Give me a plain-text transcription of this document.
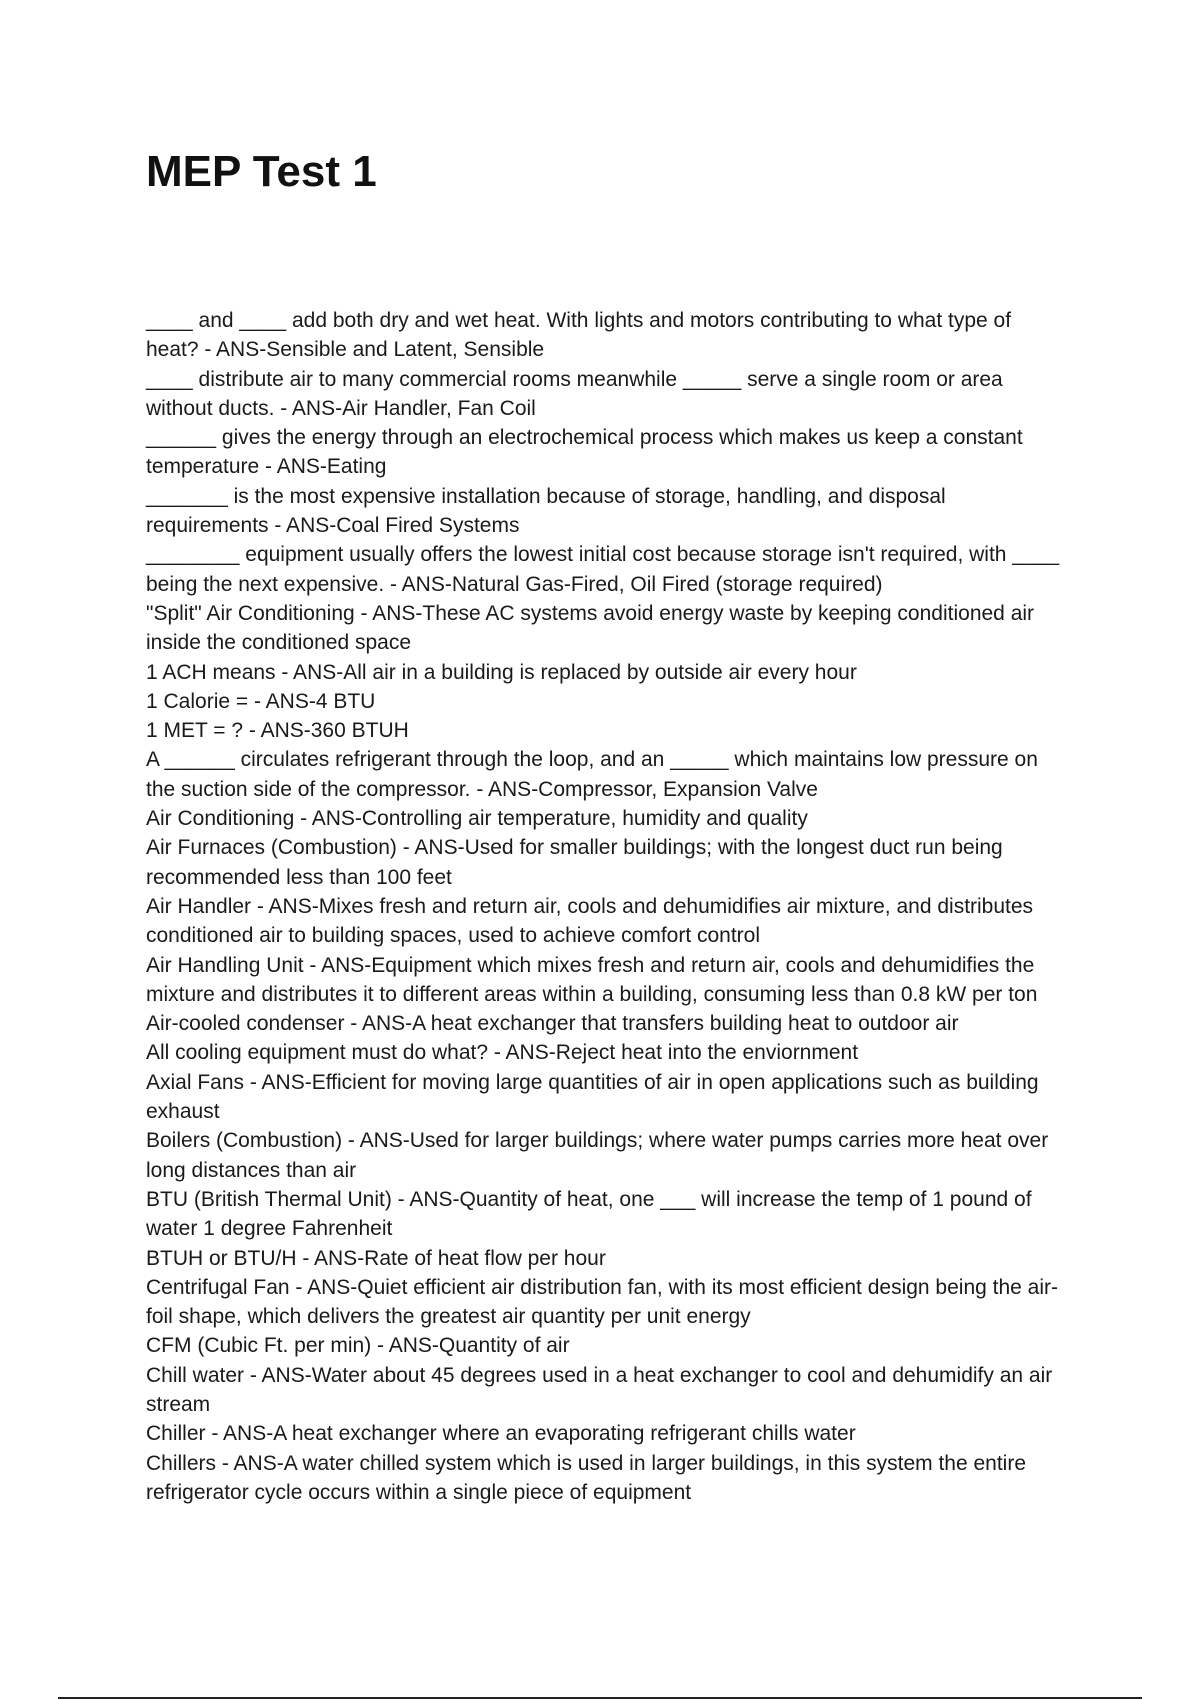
MEP Test 1

____ and ____ add both dry and wet heat. With lights and motors contributing to what type of heat? - ANS-Sensible and Latent, Sensible

____ distribute air to many commercial rooms meanwhile _____ serve a single room or area without ducts. - ANS-Air Handler, Fan Coil

______ gives the energy through an electrochemical process which makes us keep a constant temperature - ANS-Eating

_______ is the most expensive installation because of storage, handling, and disposal requirements - ANS-Coal Fired Systems

________ equipment usually offers the lowest initial cost because storage isn't required, with ____ being the next expensive. - ANS-Natural Gas-Fired, Oil Fired (storage required)

"Split" Air Conditioning - ANS-These AC systems avoid energy waste by keeping conditioned air inside the conditioned space

1 ACH means - ANS-All air in a building is replaced by outside air every hour

1 Calorie = - ANS-4 BTU

1 MET = ? - ANS-360 BTUH

A ______ circulates refrigerant through the loop, and an _____ which maintains low pressure on the suction side of the compressor. - ANS-Compressor, Expansion Valve

Air Conditioning - ANS-Controlling air temperature, humidity and quality

Air Furnaces (Combustion) - ANS-Used for smaller buildings; with the longest duct run being recommended less than 100 feet

Air Handler - ANS-Mixes fresh and return air, cools and dehumidifies air mixture, and distributes conditioned air to building spaces, used to achieve comfort control

Air Handling Unit - ANS-Equipment which mixes fresh and return air, cools and dehumidifies the mixture and distributes it to different areas within a building, consuming less than 0.8 kW per ton

Air-cooled condenser - ANS-A heat exchanger that transfers building heat to outdoor air

All cooling equipment must do what? - ANS-Reject heat into the enviornment

Axial Fans - ANS-Efficient for moving large quantities of air in open applications such as building exhaust

Boilers (Combustion) - ANS-Used for larger buildings; where water pumps carries more heat over long distances than air

BTU (British Thermal Unit) - ANS-Quantity of heat, one ___ will increase the temp of 1 pound of water 1 degree Fahrenheit

BTUH or BTU/H - ANS-Rate of heat flow per hour

Centrifugal Fan - ANS-Quiet efficient air distribution fan, with its most efficient design being the air-foil shape, which delivers the greatest air quantity per unit energy

CFM (Cubic Ft. per min) - ANS-Quantity of air

Chill water - ANS-Water about 45 degrees used in a heat exchanger to cool and dehumidify an air stream

Chiller - ANS-A heat exchanger where an evaporating refrigerant chills water

Chillers - ANS-A water chilled system which is used in larger buildings, in this system the entire refrigerator cycle occurs within a single piece of equipment
